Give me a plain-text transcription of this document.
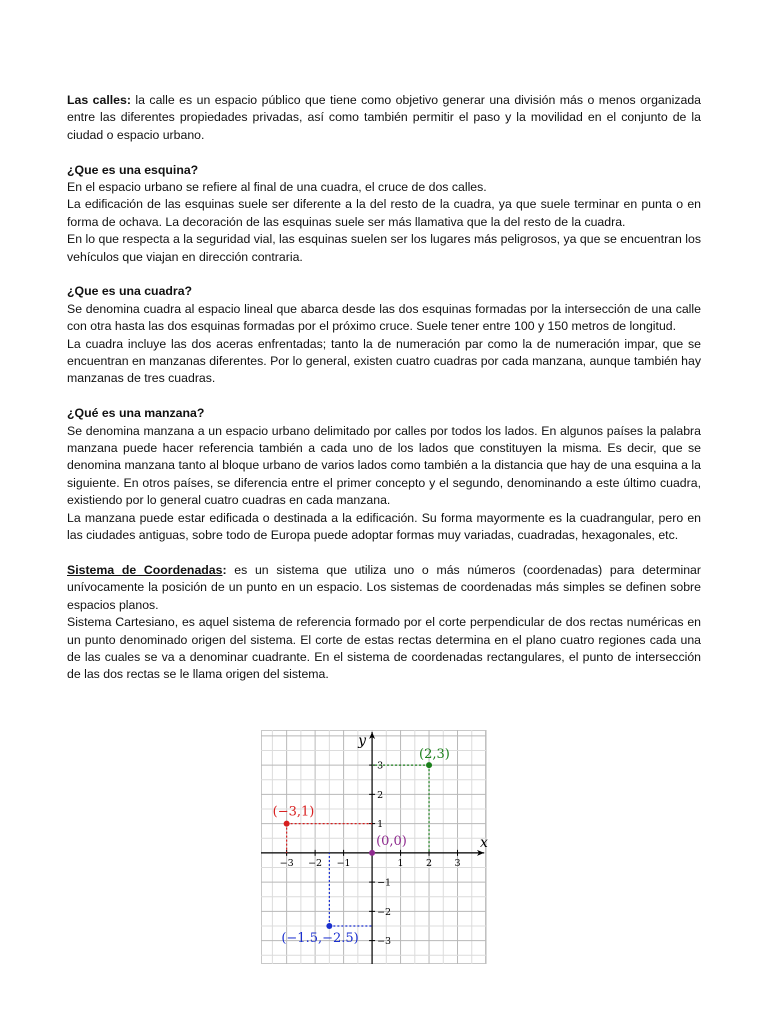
Las calles: la calle es un espacio público que tiene como objetivo generar una división más o menos organizada entre las diferentes propiedades privadas, así como también permitir el paso y la movilidad en el conjunto de la ciudad o espacio urbano.

¿Que es una esquina?

En el espacio urbano se refiere al final de una cuadra, el cruce de dos calles.

La edificación de las esquinas suele ser diferente a la del resto de la cuadra, ya que suele terminar en punta o en forma de ochava. La decoración de las esquinas suele ser más llamativa que la del resto de la cuadra.

En lo que respecta a la seguridad vial, las esquinas suelen ser los lugares más peligrosos, ya que se encuentran los vehículos que viajan en dirección contraria.

¿Que es una cuadra?

Se denomina cuadra al espacio lineal que abarca desde las dos esquinas formadas por la intersección de una calle con otra hasta las dos esquinas formadas por el próximo cruce. Suele tener entre 100 y 150 metros de longitud.

La cuadra incluye las dos aceras enfrentadas; tanto la de numeración par como la de numeración impar, que se encuentran en manzanas diferentes. Por lo general, existen cuatro cuadras por cada manzana, aunque también hay manzanas de tres cuadras.

¿Qué es una manzana?

Se denomina manzana a un espacio urbano delimitado por calles por todos los lados. En algunos países la palabra manzana puede hacer referencia también a cada uno de los lados que constituyen la misma. Es decir, que se denomina manzana tanto al bloque urbano de varios lados como también a la distancia que hay de una esquina a la siguiente. En otros países, se diferencia entre el primer concepto y el segundo, denominando a este último cuadra, existiendo por lo general cuatro cuadras en cada manzana.

La manzana puede estar edificada o destinada a la edificación. Su forma mayormente es la cuadrangular, pero en las ciudades antiguas, sobre todo de Europa puede adoptar formas muy variadas, cuadradas, hexagonales, etc.

Sistema de Coordenadas: es un sistema que utiliza uno o más números (coordenadas) para determinar unívocamente la posición de un punto en un espacio. Los sistemas de coordenadas más simples se definen sobre espacios planos.

Sistema Cartesiano, es aquel sistema de referencia formado por el corte perpendicular de dos rectas numéricas en un punto denominado origen del sistema. El corte de estas rectas determina en el plano cuatro regiones cada una de las cuales se va a denominar cuadrante. En el sistema de coordenadas rectangulares, el punto de intersección de las dos rectas se le llama origen del sistema.

x
y
−3 −2 −1	1 2 3
−3
−2
−1
1
2
3
(2,3)
(−3,1)
(0,0)
(−1.5,−2.5)
